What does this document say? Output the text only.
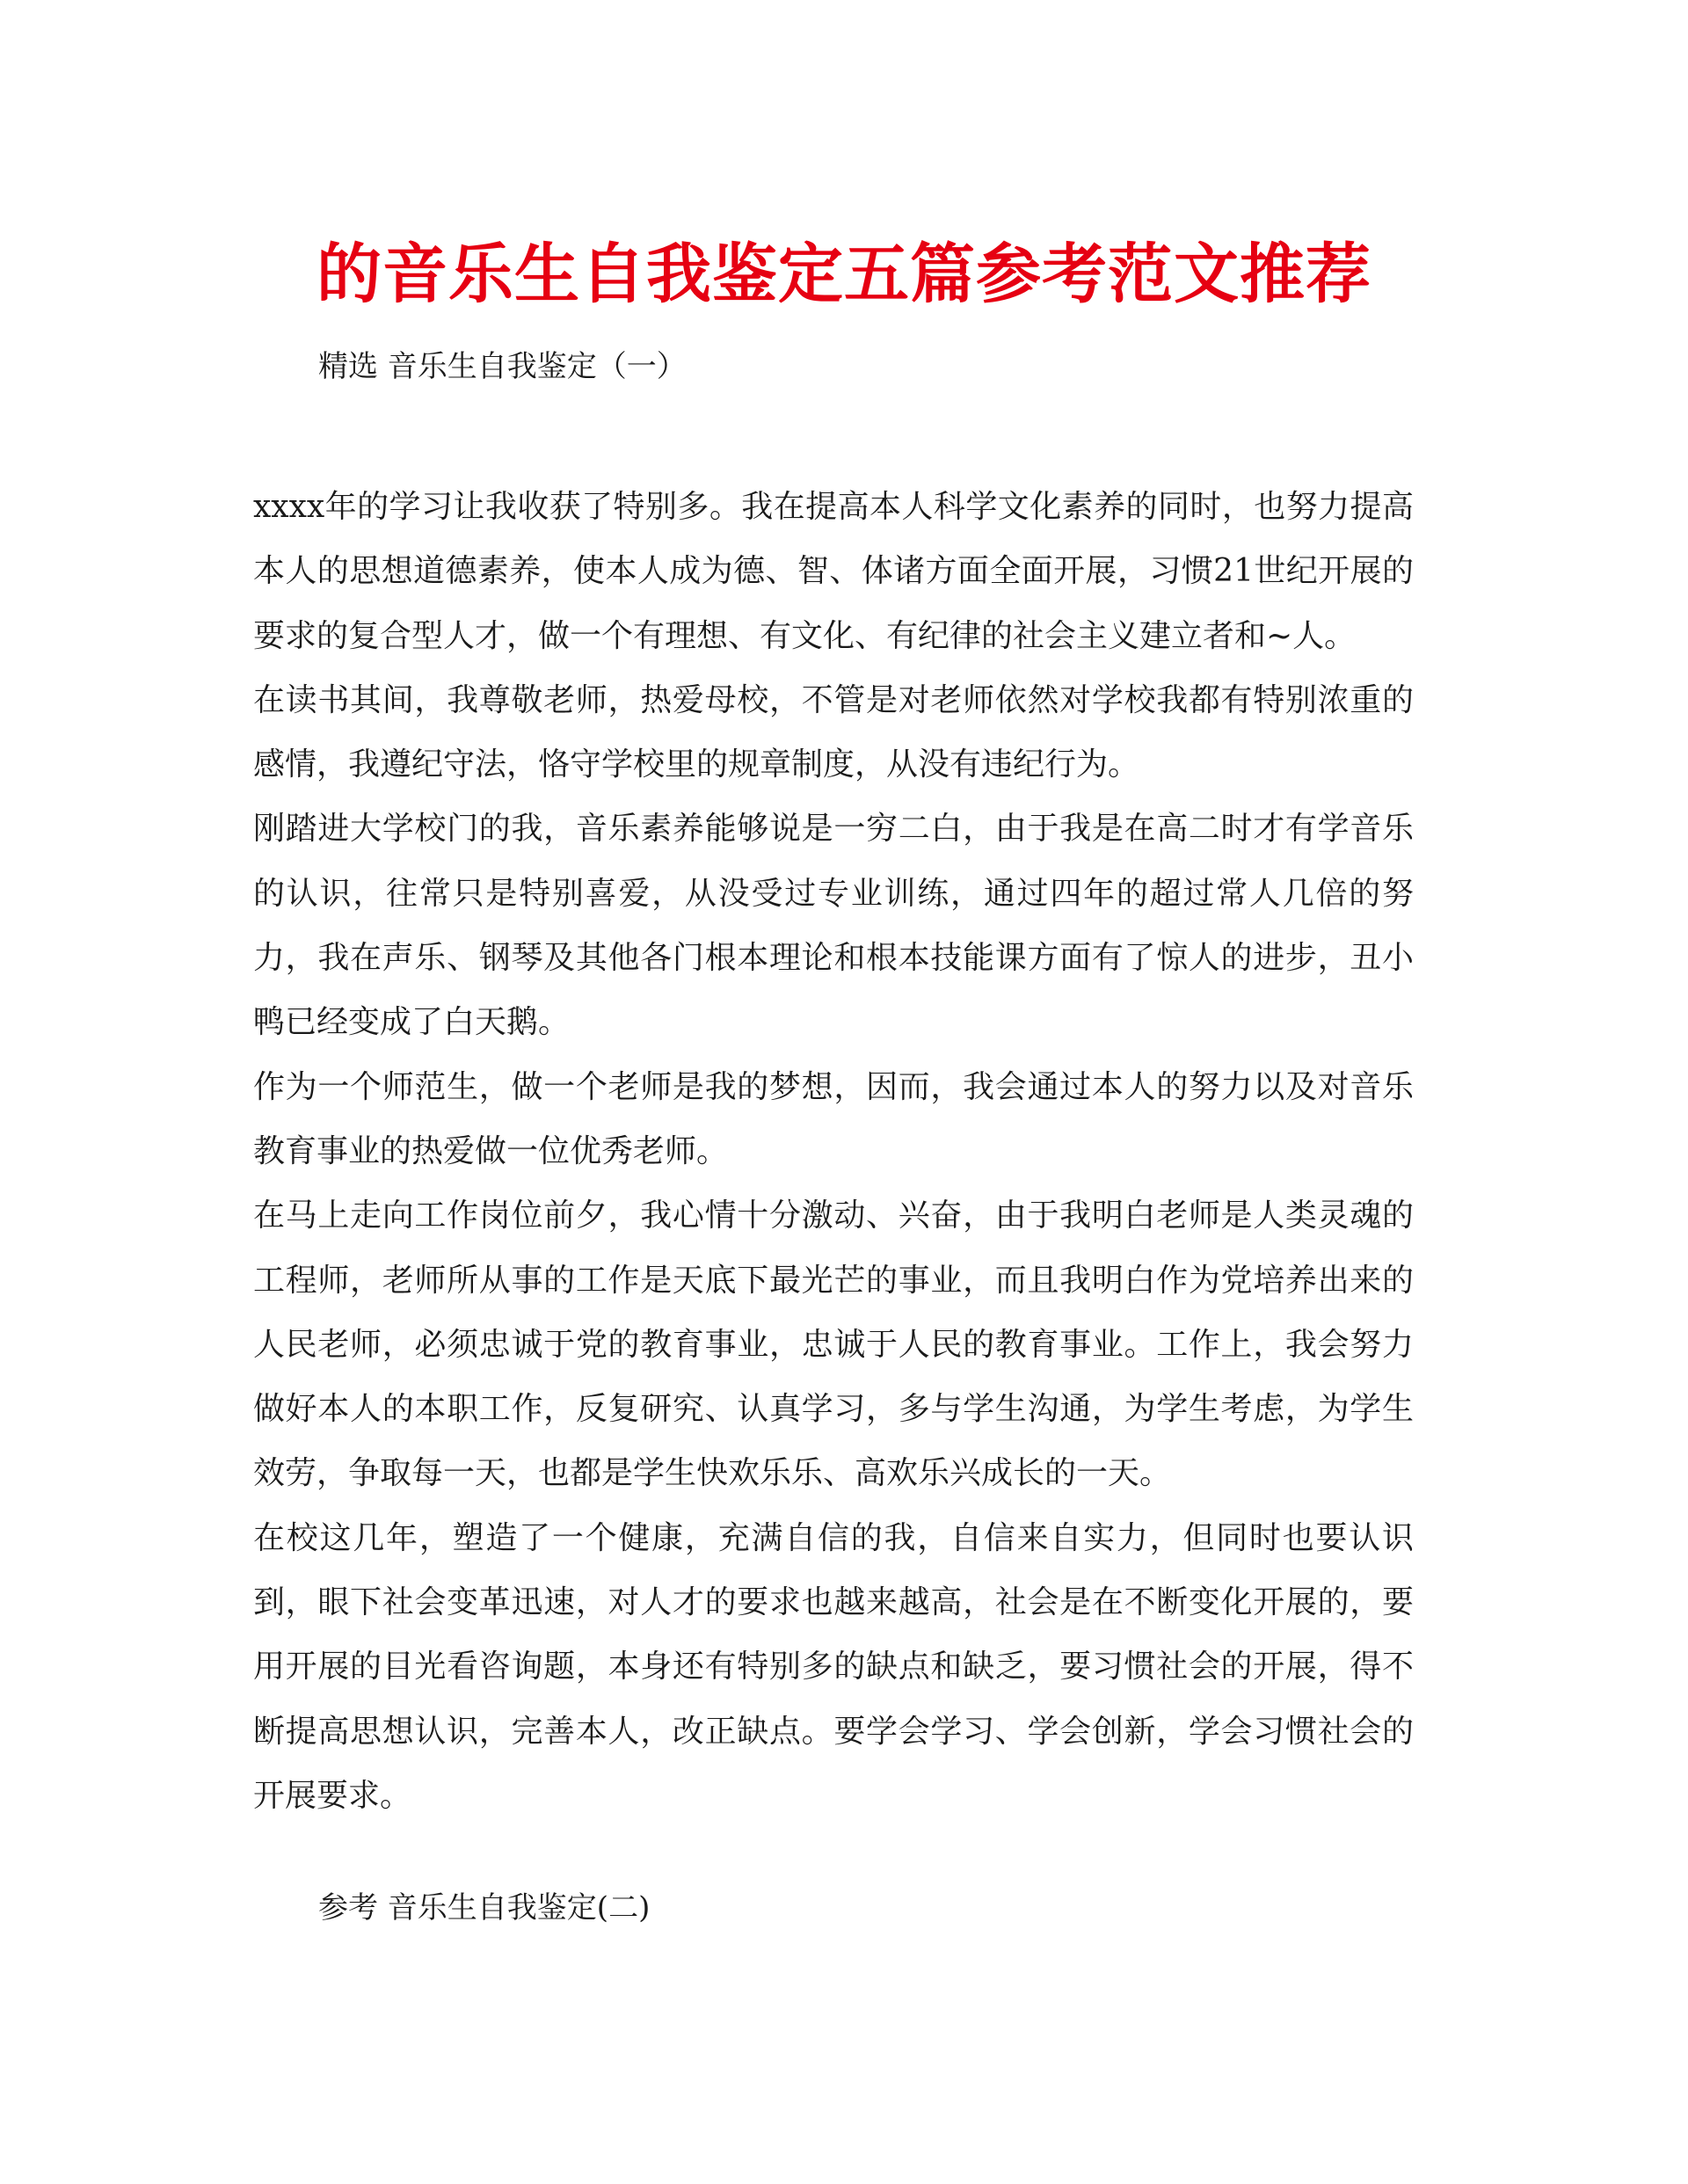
的音乐生自我鉴定五篇参考范文推荐

精选 音乐生自我鉴定（一）

xxxx年的学习让我收获了特别多。我在提高本人科学文化素养的同时，也努力提高本人的思想道德素养，使本人成为德、智、体诸方面全面开展，习惯21世纪开展的要求的复合型人才，做一个有理想、有文化、有纪律的社会主义建立者和~人。

在读书其间，我尊敬老师，热爱母校，不管是对老师依然对学校我都有特别浓重的感情，我遵纪守法，恪守学校里的规章制度，从没有违纪行为。

刚踏进大学校门的我，音乐素养能够说是一穷二白，由于我是在高二时才有学音乐的认识，往常只是特别喜爱，从没受过专业训练，通过四年的超过常人几倍的努力，我在声乐、钢琴及其他各门根本理论和根本技能课方面有了惊人的进步，丑小鸭已经变成了白天鹅。

作为一个师范生，做一个老师是我的梦想，因而，我会通过本人的努力以及对音乐教育事业的热爱做一位优秀老师。

在马上走向工作岗位前夕，我心情十分激动、兴奋，由于我明白老师是人类灵魂的工程师，老师所从事的工作是天底下最光芒的事业，而且我明白作为党培养出来的人民老师，必须忠诚于党的教育事业，忠诚于人民的教育事业。工作上，我会努力做好本人的本职工作，反复研究、认真学习，多与学生沟通，为学生考虑，为学生效劳，争取每一天，也都是学生快欢乐乐、高欢乐兴成长的一天。

在校这几年，塑造了一个健康，充满自信的我，自信来自实力，但同时也要认识到，眼下社会变革迅速，对人才的要求也越来越高，社会是在不断变化开展的，要用开展的目光看咨询题，本身还有特别多的缺点和缺乏，要习惯社会的开展，得不断提高思想认识，完善本人，改正缺点。要学会学习、学会创新，学会习惯社会的开展要求。

参考 音乐生自我鉴定(二)
